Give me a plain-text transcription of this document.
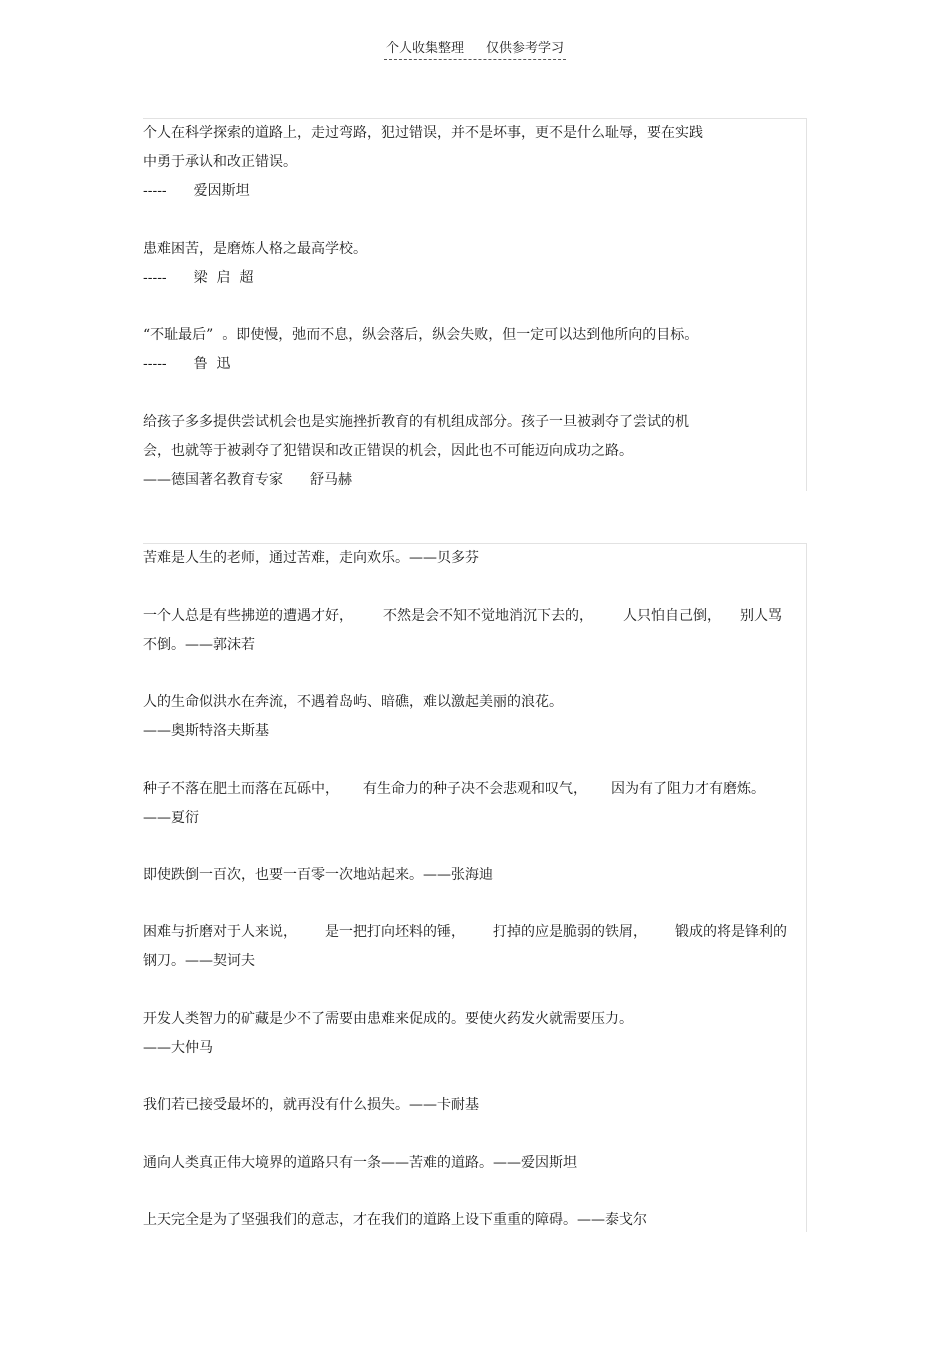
个人收集整理 仅供参考学习
个人在科学探索的道路上，走过弯路，犯过错误，并不是坏事，更不是什么耻辱，要在实践
中勇于承认和改正错误。
----- 爱因斯坦
患难困苦，是磨炼人格之最高学校。
----- 梁  启  超
“不耻最后”  。即使慢，弛而不息，纵会落后，纵会失败，但一定可以达到他所向的目标。
----- 鲁  迅
给孩子多多提供尝试机会也是实施挫折教育的有机组成部分。孩子一旦被剥夺了尝试的机
会，也就等于被剥夺了犯错误和改正错误的机会，因此也不可能迈向成功之路。
——德国著名教育专家 舒马赫
苦难是人生的老师，通过苦难，走向欢乐。——贝多芬
一个人总是有些拂逆的遭遇才好， 不然是会不知不觉地消沉下去的， 人只怕自己倒， 别人骂
不倒。——郭沫若
人的生命似洪水在奔流，不遇着岛屿、暗礁，难以激起美丽的浪花。
——奥斯特洛夫斯基
种子不落在肥土而落在瓦砾中， 有生命力的种子决不会悲观和叹气， 因为有了阻力才有磨炼。
——夏衍
即使跌倒一百次，也要一百零一次地站起来。——张海迪
困难与折磨对于人来说， 是一把打向坯料的锤， 打掉的应是脆弱的铁屑， 锻成的将是锋利的
钢刀。——契诃夫
开发人类智力的矿藏是少不了需要由患难来促成的。要使火药发火就需要压力。
——大仲马
我们若已接受最坏的，就再没有什么损失。——卡耐基
通向人类真正伟大境界的道路只有一条——苦难的道路。——爱因斯坦
上天完全是为了坚强我们的意志，才在我们的道路上设下重重的障碍。——泰戈尔
